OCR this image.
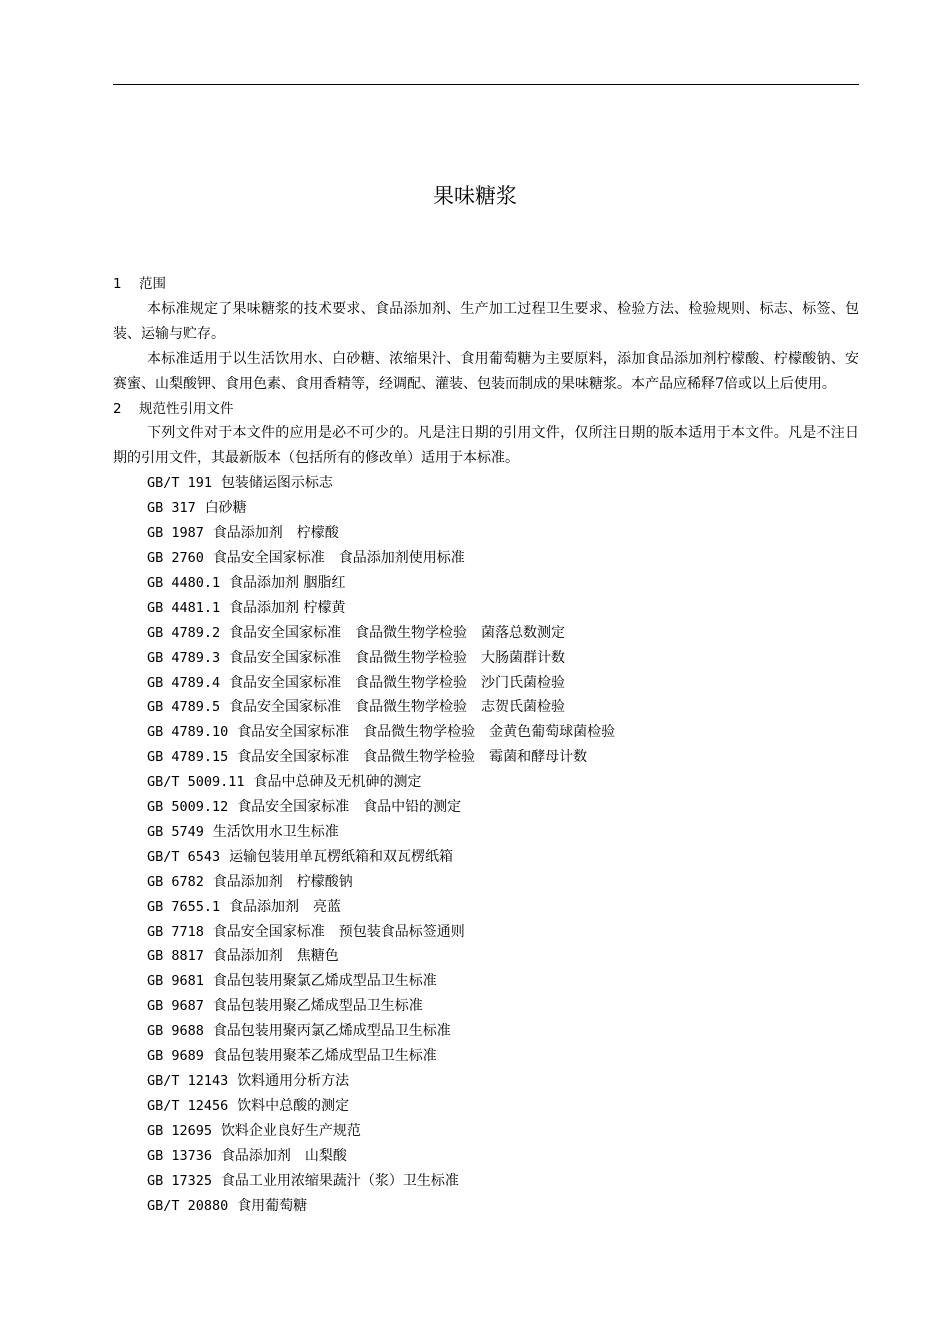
果味糖浆
1 范围
本标准规定了果味糖浆的技术要求、食品添加剂、生产加工过程卫生要求、检验方法、检验规则、标志、标签、包装、运输与贮存。
本标准适用于以生活饮用水、白砂糖、浓缩果汁、食用葡萄糖为主要原料，添加食品添加剂柠檬酸、柠檬酸钠、安赛蜜、山梨酸钾、食用色素、食用香精等，经调配、灌装、包装而制成的果味糖浆。本产品应稀释7倍或以上后使用。
2 规范性引用文件
下列文件对于本文件的应用是必不可少的。凡是注日期的引用文件，仅所注日期的版本适用于本文件。凡是不注日期的引用文件，其最新版本（包括所有的修改单）适用于本标准。
GB/T 191 包装储运图示标志
GB 317 白砂糖
GB 1987 食品添加剂　柠檬酸
GB 2760 食品安全国家标准　食品添加剂使用标准
GB 4480.1 食品添加剂 胭脂红
GB 4481.1 食品添加剂 柠檬黄
GB 4789.2 食品安全国家标准　食品微生物学检验　菌落总数测定
GB 4789.3 食品安全国家标准　食品微生物学检验　大肠菌群计数
GB 4789.4 食品安全国家标准　食品微生物学检验　沙门氏菌检验
GB 4789.5 食品安全国家标准　食品微生物学检验　志贺氏菌检验
GB 4789.10 食品安全国家标准　食品微生物学检验　金黄色葡萄球菌检验
GB 4789.15 食品安全国家标准　食品微生物学检验　霉菌和酵母计数
GB/T 5009.11 食品中总砷及无机砷的测定
GB 5009.12 食品安全国家标准　食品中铅的测定
GB 5749 生活饮用水卫生标准
GB/T 6543 运输包装用单瓦楞纸箱和双瓦楞纸箱
GB 6782 食品添加剂　柠檬酸钠
GB 7655.1 食品添加剂　亮蓝
GB 7718 食品安全国家标准　预包装食品标签通则
GB 8817 食品添加剂　焦糖色
GB 9681 食品包装用聚氯乙烯成型品卫生标准
GB 9687 食品包装用聚乙烯成型品卫生标准
GB 9688 食品包装用聚丙氯乙烯成型品卫生标准
GB 9689 食品包装用聚苯乙烯成型品卫生标准
GB/T 12143 饮料通用分析方法
GB/T 12456 饮料中总酸的测定
GB 12695 饮料企业良好生产规范
GB 13736 食品添加剂　山梨酸
GB 17325 食品工业用浓缩果蔬汁（浆）卫生标准
GB/T 20880 食用葡萄糖
